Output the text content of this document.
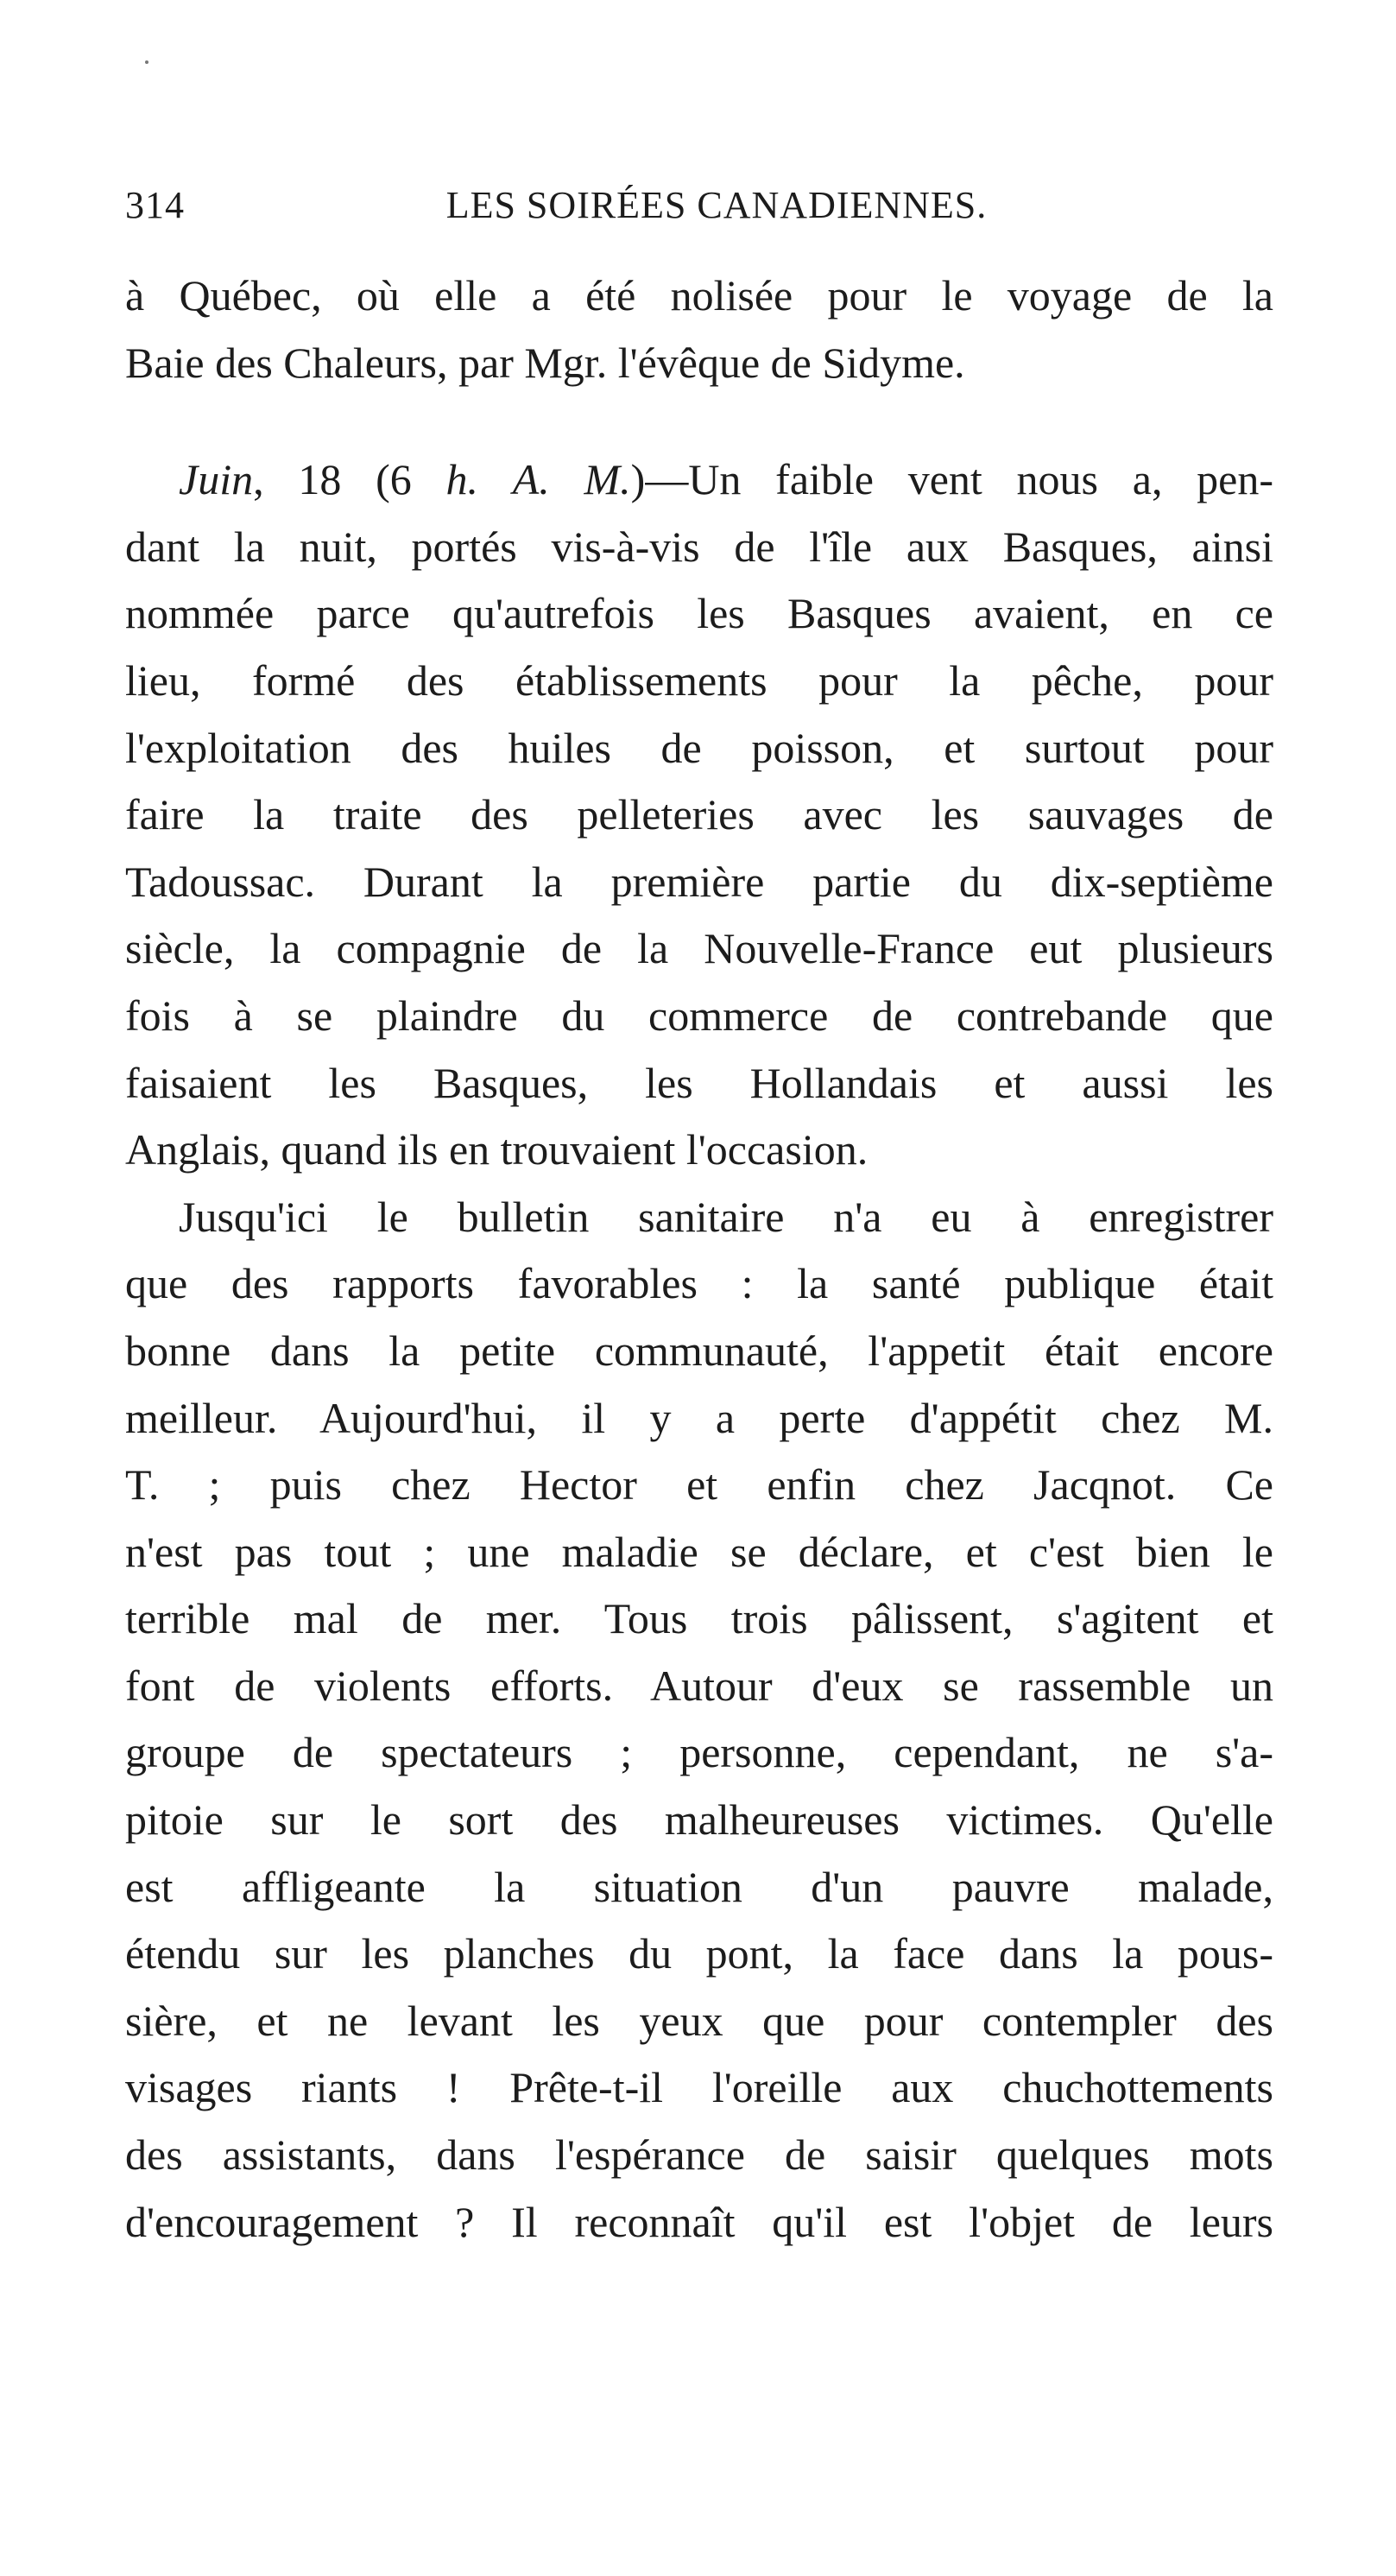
314	LES SOIRÉES CANADIENNES.
à Québec, où elle a été nolisée pour le voyage de la
Baie des Chaleurs, par Mgr. l'évêque de Sidyme.
Juin, 18 (6 h. A. M.)—Un faible vent nous a, pen-
dant la nuit, portés vis-à-vis de l'île aux Basques, ainsi
nommée parce qu'autrefois les Basques avaient, en ce
lieu, formé des établissements pour la pêche, pour
l'exploitation des huiles de poisson, et surtout pour
faire la traite des pelleteries avec les sauvages de
Tadoussac. Durant la première partie du dix-septième
siècle, la compagnie de la Nouvelle-France eut plusieurs
fois à se plaindre du commerce de contrebande que
faisaient les Basques, les Hollandais et aussi les
Anglais, quand ils en trouvaient l'occasion.
Jusqu'ici le bulletin sanitaire n'a eu à enregistrer
que des rapports favorables : la santé publique était
bonne dans la petite communauté, l'appetit était encore
meilleur. Aujourd'hui, il y a perte d'appétit chez M.
T. ; puis chez Hector et enfin chez Jacqnot. Ce
n'est pas tout ; une maladie se déclare, et c'est bien le
terrible mal de mer. Tous trois pâlissent, s'agitent et
font de violents efforts. Autour d'eux se rassemble un
groupe de spectateurs ; personne, cependant, ne s'a-
pitoie sur le sort des malheureuses victimes. Qu'elle
est affligeante la situation d'un pauvre malade,
étendu sur les planches du pont, la face dans la pous-
sière, et ne levant les yeux que pour contempler des
visages riants ! Prête-t-il l'oreille aux chuchottements
des assistants, dans l'espérance de saisir quelques mots
d'encouragement ? Il reconnaît qu'il est l'objet de leurs
